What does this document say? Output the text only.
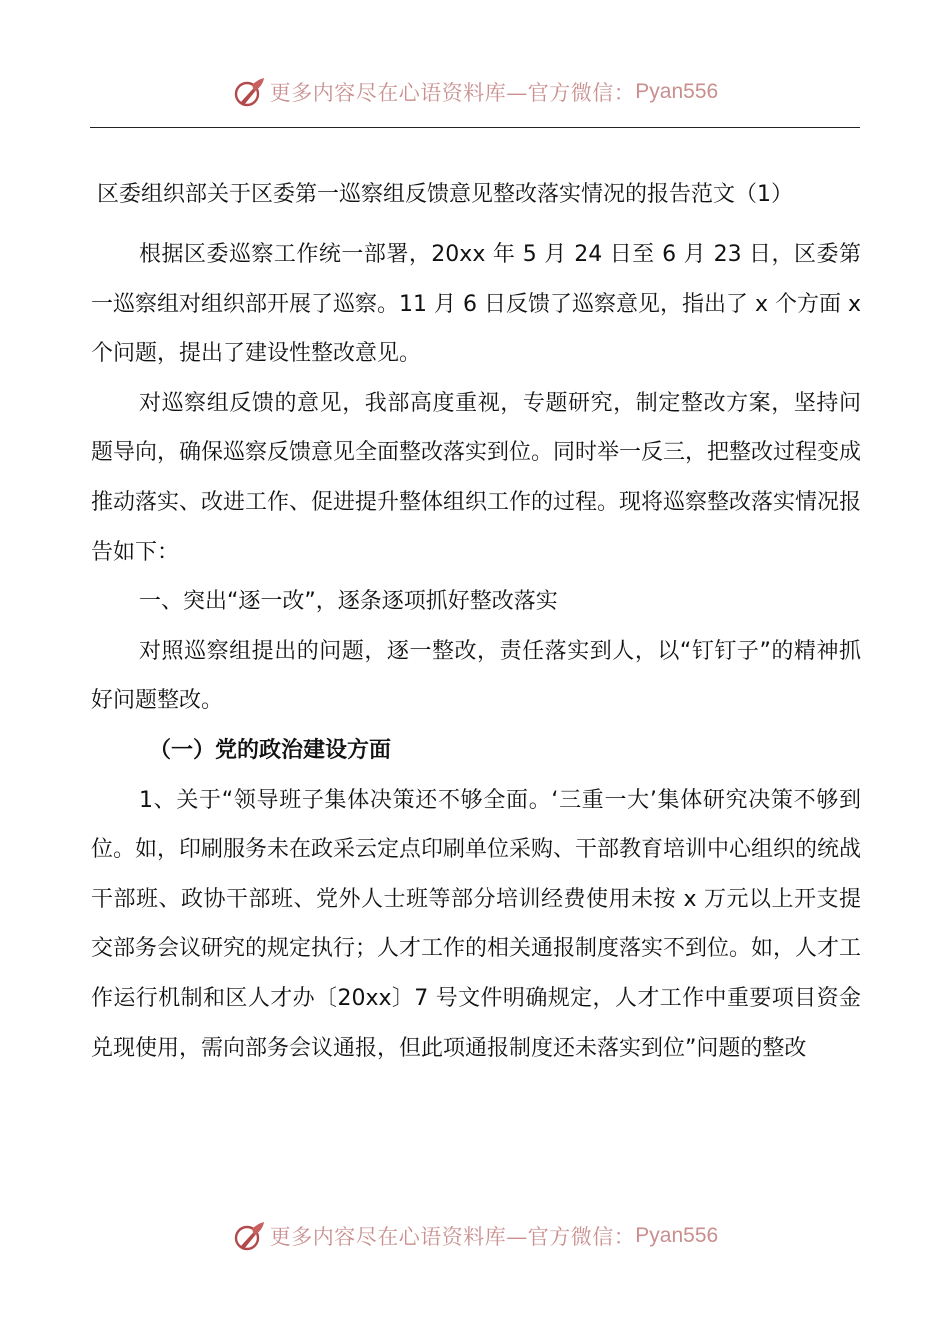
更多内容尽在心语资料库—官方微信： Pyan556
区委组织部关于区委第一巡察组反馈意见整改落实情况的报告范文（1）

根据区委巡察工作统一部署，20xx 年 5 月 24 日至 6 月 23 日，区委第一巡察组对组织部开展了巡察。11 月 6 日反馈了巡察意见，指出了 x 个方面 x 个问题，提出了建设性整改意见。

对巡察组反馈的意见，我部高度重视，专题研究，制定整改方案，坚持问题导向，确保巡察反馈意见全面整改落实到位。同时举一反三，把整改过程变成推动落实、改进工作、促进提升整体组织工作的过程。现将巡察整改落实情况报告如下：

一、突出“逐一改”，逐条逐项抓好整改落实

对照巡察组提出的问题，逐一整改，责任落实到人，以“钉钉子”的精神抓好问题整改。

（一）党的政治建设方面

1、关于“领导班子集体决策还不够全面。‘三重一大’集体研究决策不够到位。如，印刷服务未在政采云定点印刷单位采购、干部教育培训中心组织的统战干部班、政协干部班、党外人士班等部分培训经费使用未按 x 万元以上开支提交部务会议研究的规定执行；人才工作的相关通报制度落实不到位。如，人才工作运行机制和区人才办〔20xx〕7 号文件明确规定，人才工作中重要项目资金兑现使用，需向部务会议通报，但此项通报制度还未落实到位”问题的整改

更多内容尽在心语资料库—官方微信： Pyan556
